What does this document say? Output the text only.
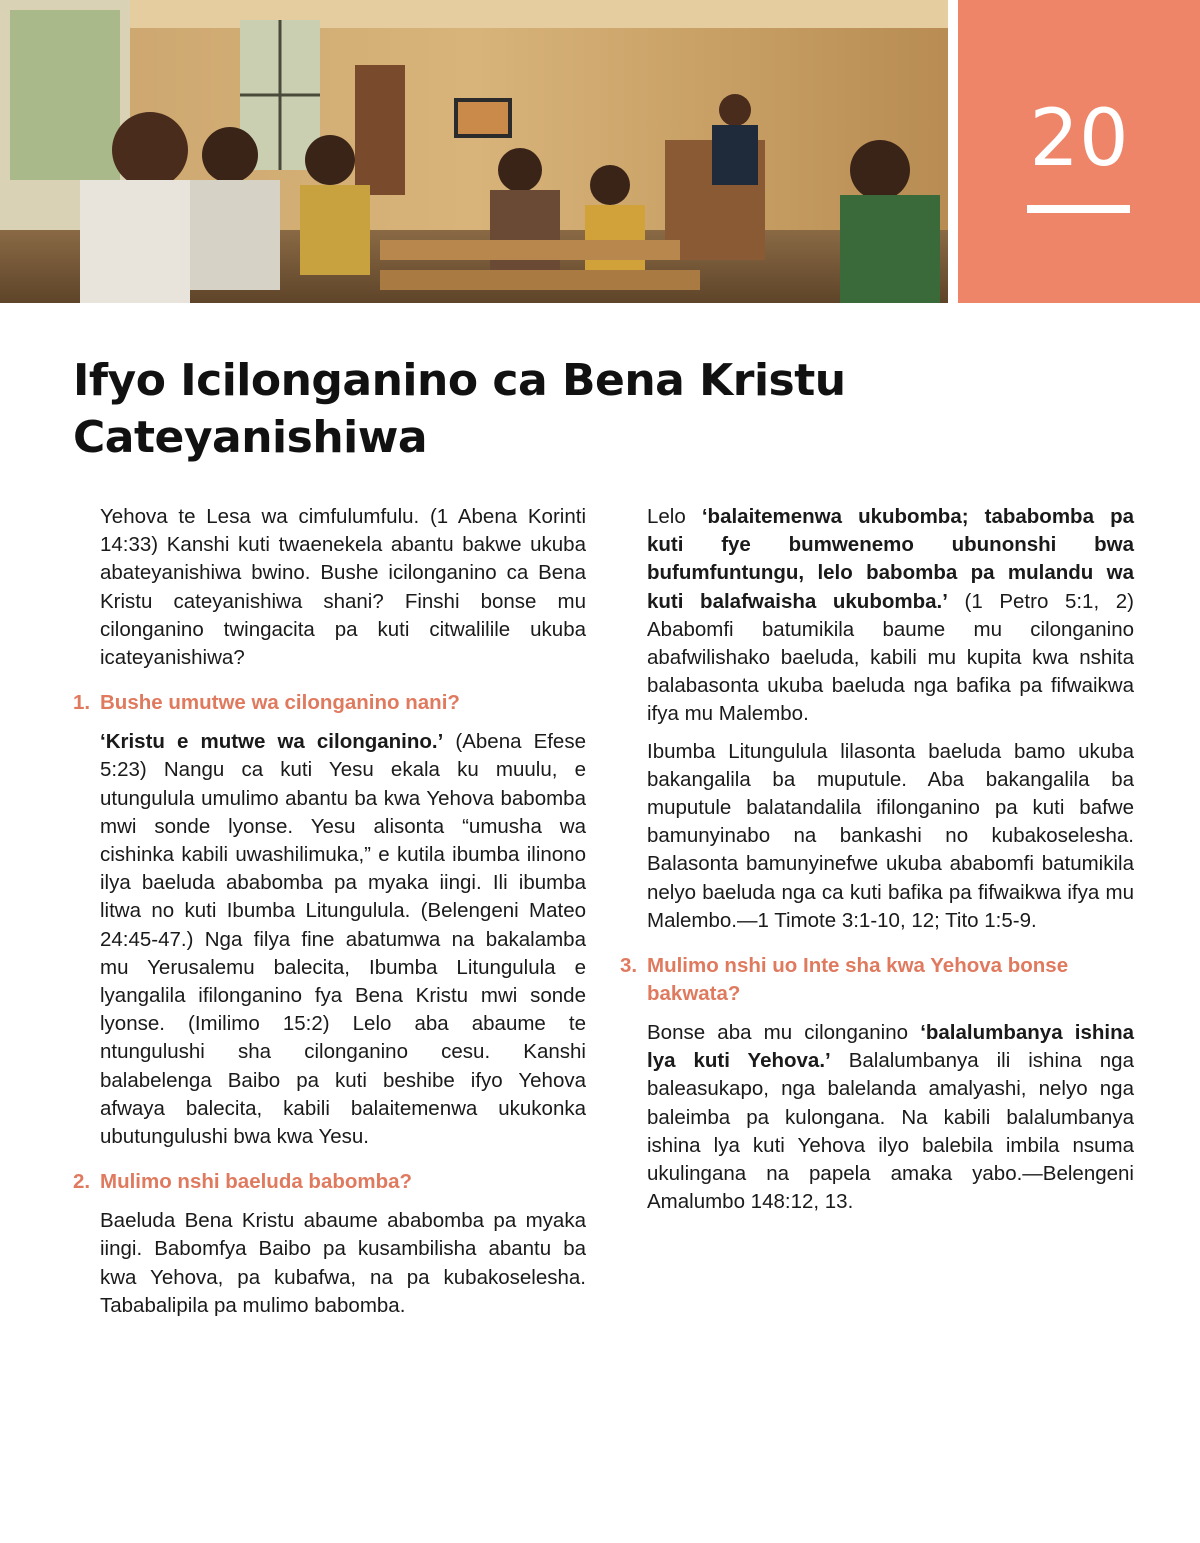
20
Ifyo Icilonganino ca Bena Kristu Cateyanishiwa

Yehova te Lesa wa cimfulumfulu. (1 Abena Korinti 14:33) Kanshi kuti twaenekela abantu bakwe ukuba abateyanishiwa bwino. Bushe icilonganino ca Bena Kristu cateyanishiwa shani? Finshi bonse mu cilonganino twingacita pa kuti citwalilile ukuba icateyanishiwa?

1. Bushe umutwe wa cilonganino nani?

‘Kristu e mutwe wa cilonganino.’ (Abena Efese 5:23) Nangu ca kuti Yesu ekala ku muulu, e utungulula umulimo abantu ba kwa Yehova babomba mwi sonde lyonse. Yesu alisonta “umusha wa cishinka kabili uwashilimuka,” e kutila ibumba ilinono ilya baeluda ababomba pa myaka iingi. Ili ibumba litwa no kuti Ibumba Litungulula. (Belengeni Mateo 24:45-47.) Nga filya fine abatumwa na bakalamba mu Yerusalemu balecita, Ibumba Litungulula e lyangalila ifilonganino fya Bena Kristu mwi sonde lyonse. (Imilimo 15:2) Lelo aba abaume te ntungulushi sha cilonganino cesu. Kanshi balabelenga Baibo pa kuti beshibe ifyo Yehova afwaya balecita, kabili balaitemenwa ukukonka ubutungulushi bwa kwa Yesu.

2. Mulimo nshi baeluda babomba?

Baeluda Bena Kristu abaume ababomba pa myaka iingi. Babomfya Baibo pa kusambilisha abantu ba kwa Yehova, pa kubafwa, na pa kubakoselesha. Tababalipila pa mulimo babomba.

Lelo ‘balaitemenwa ukubomba; tababomba pa kuti fye bumwenemo ubunonshi bwa bufumfuntungu, lelo babomba pa mulandu wa kuti balafwaisha ukubomba.’ (1 Petro 5:1, 2) Ababomfi batumikila baume mu cilonganino abafwilishako baeluda, kabili mu kupita kwa nshita balabasonta ukuba baeluda nga bafika pa fifwaikwa ifya mu Malembo.

Ibumba Litungulula lilasonta baeluda bamo ukuba bakangalila ba muputule. Aba bakangalila ba muputule balatandalila ifilonganino pa kuti bafwe bamunyinabo na bankashi no kubakoselesha. Balasonta bamunyinefwe ukuba ababomfi batumikila nelyo baeluda nga ca kuti bafika pa fifwaikwa ifya mu Malembo.—1 Timote 3:1-10, 12; Tito 1:5-9.

3. Mulimo nshi uo Inte sha kwa Yehova bonse bakwata?

Bonse aba mu cilonganino ‘balalumbanya ishina lya kuti Yehova.’ Balalumbanya ili ishina nga baleasukapo, nga balelanda amalyashi, nelyo nga baleimba pa kulongana. Na kabili balalumbanya ishina lya kuti Yehova ilyo balebila imbila nsuma ukulingana na papela amaka yabo.—Belengeni Amalumbo 148:12, 13.
